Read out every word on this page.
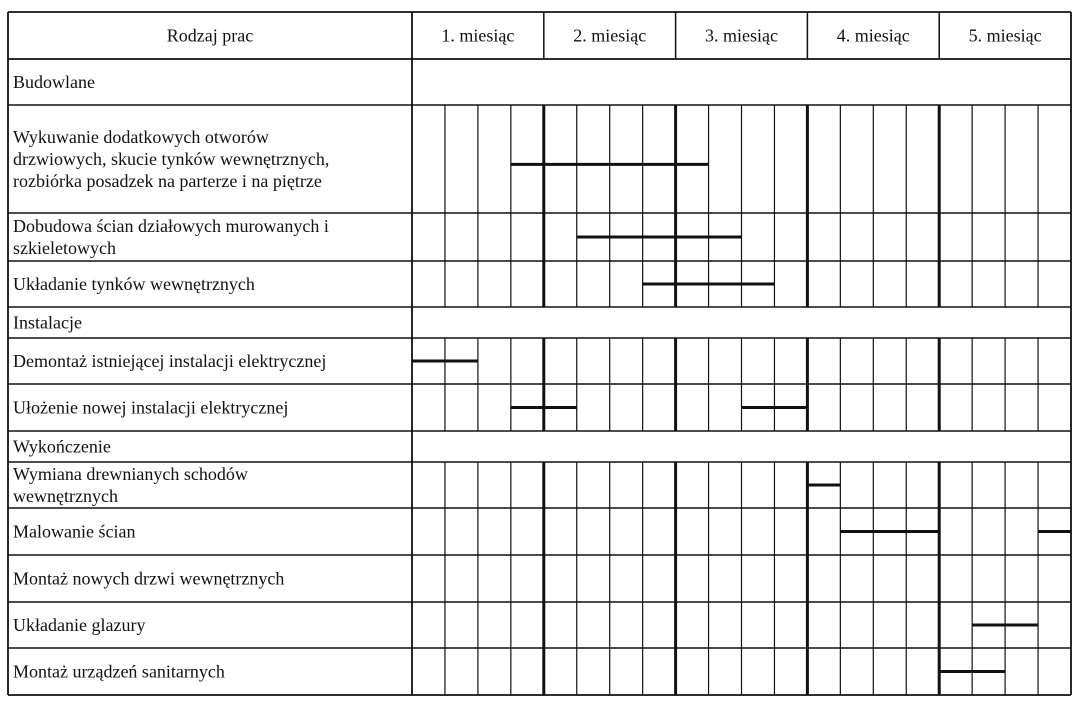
Rodzaj prac	1. miesiąc	2. miesiąc	3. miesiąc	4. miesiąc	5. miesiąc
Budowlane
Wykuwanie dodatkowych otworów
drzwiowych, skucie tynków wewnętrznych,
rozbiórka posadzek na parterze i na piętrze
Dobudowa ścian działowych murowanych i
szkieletowych
Układanie tynków wewnętrznych
Instalacje
Demontaż istniejącej instalacji elektrycznej
Ułożenie nowej instalacji elektrycznej
Wykończenie
Wymiana drewnianych schodów
wewnętrznych
Malowanie ścian
Montaż nowych drzwi wewnętrznych
Układanie glazury
Montaż urządzeń sanitarnych
